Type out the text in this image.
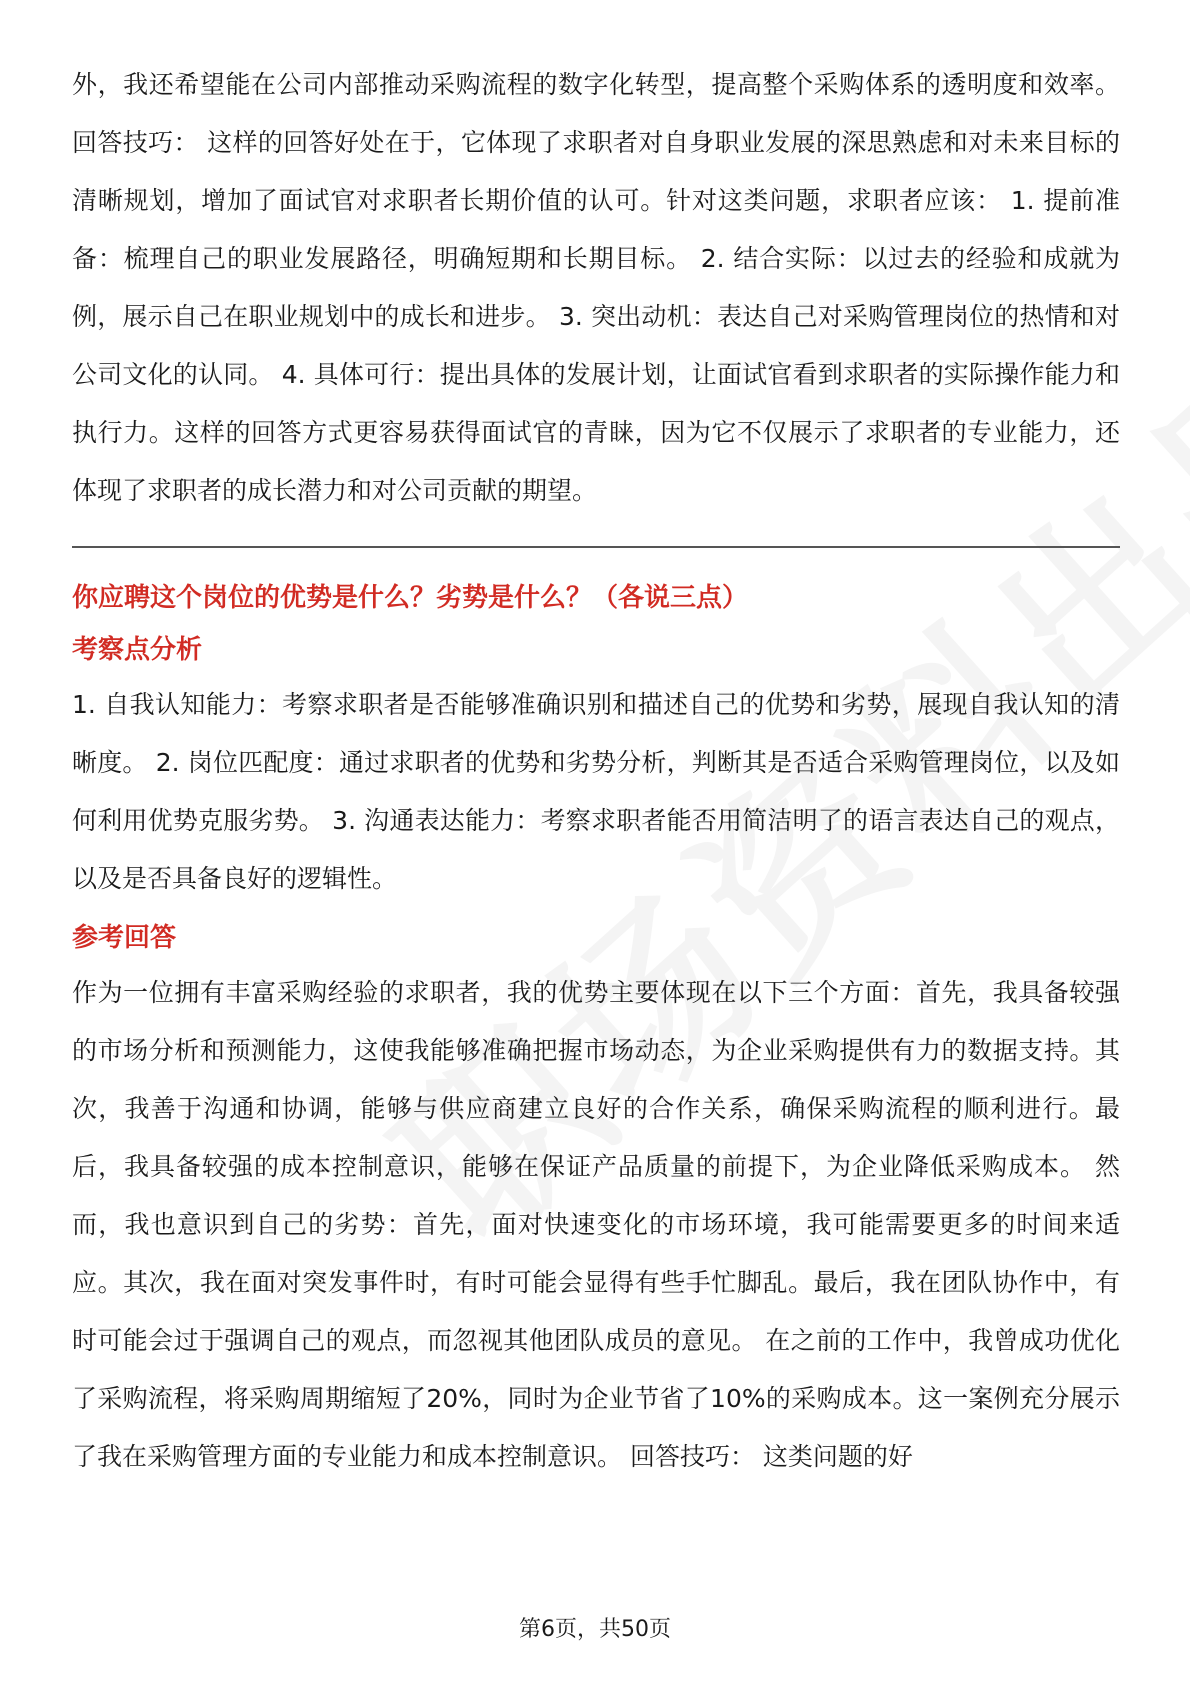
外，我还希望能在公司内部推动采购流程的数字化转型，提高整个采购体系的透明度和效率。 回答技巧： 这样的回答好处在于，它体现了求职者对自身职业发展的深思熟虑和对未来目标的清晰规划，增加了面试官对求职者长期价值的认可。针对这类问题，求职者应该： 1. 提前准备：梳理自己的职业发展路径，明确短期和长期目标。 2. 结合实际：以过去的经验和成就为例，展示自己在职业规划中的成长和进步。 3. 突出动机：表达自己对采购管理岗位的热情和对公司文化的认同。 4. 具体可行：提出具体的发展计划，让面试官看到求职者的实际操作能力和执行力。这样的回答方式更容易获得面试官的青睐，因为它不仅展示了求职者的专业能力，还体现了求职者的成长潜力和对公司贡献的期望。

你应聘这个岗位的优势是什么？劣势是什么？（各说三点）
考察点分析

1. 自我认知能力：考察求职者是否能够准确识别和描述自己的优势和劣势，展现自我认知的清晰度。 2. 岗位匹配度：通过求职者的优势和劣势分析，判断其是否适合采购管理岗位，以及如何利用优势克服劣势。 3. 沟通表达能力：考察求职者能否用简洁明了的语言表达自己的观点，以及是否具备良好的逻辑性。

参考回答

作为一位拥有丰富采购经验的求职者，我的优势主要体现在以下三个方面：首先，我具备较强的市场分析和预测能力，这使我能够准确把握市场动态，为企业采购提供有力的数据支持。其次，我善于沟通和协调，能够与供应商建立良好的合作关系，确保采购流程的顺利进行。最后，我具备较强的成本控制意识，能够在保证产品质量的前提下，为企业降低采购成本。 然而，我也意识到自己的劣势：首先，面对快速变化的市场环境，我可能需要更多的时间来适应。其次，我在面对突发事件时，有时可能会显得有些手忙脚乱。最后，我在团队协作中，有时可能会过于强调自己的观点，而忽视其他团队成员的意见。 在之前的工作中，我曾成功优化了采购流程，将采购周期缩短了20%，同时为企业节省了10%的采购成本。这一案例充分展示了我在采购管理方面的专业能力和成本控制意识。 回答技巧： 这类问题的好

第6页，共50页
